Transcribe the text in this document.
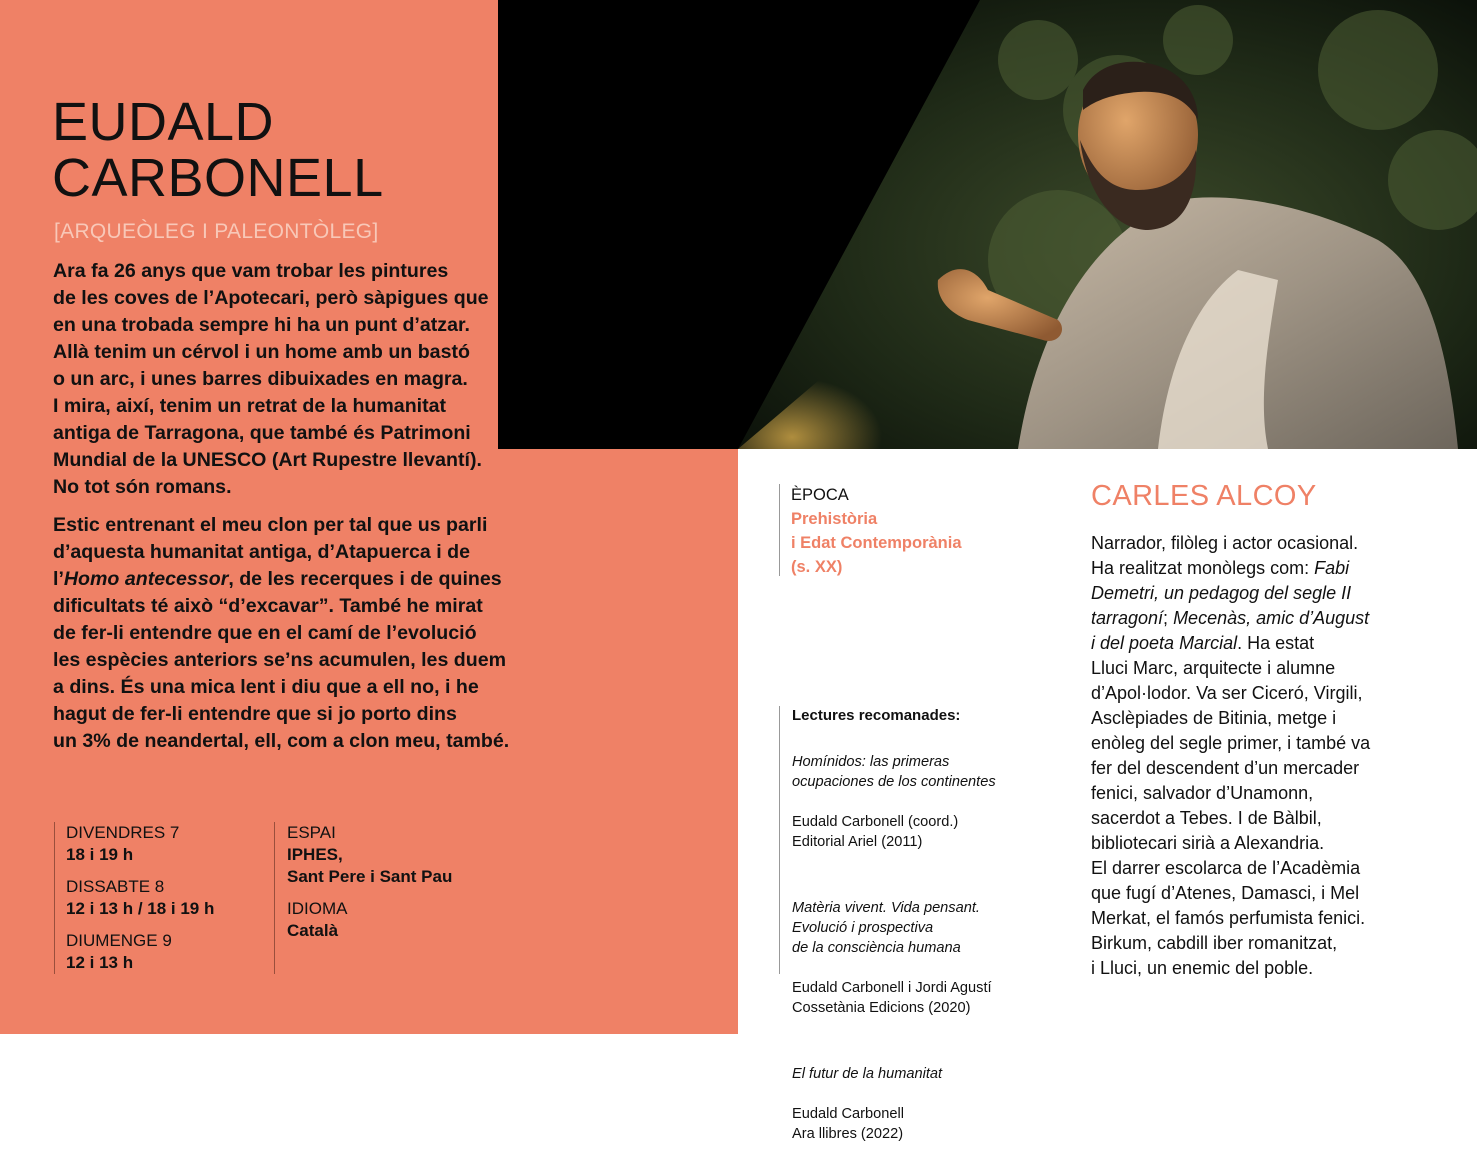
EUDALD
CARBONELL
[ARQUEÒLEG I PALEONTÒLEG]

Ara fa 26 anys que vam trobar les pintures
de les coves de l’Apotecari, però sàpigues que
en una trobada sempre hi ha un punt d’atzar.
Allà tenim un cérvol i un home amb un bastó
o un arc, i unes barres dibuixades en magra.
I mira, així, tenim un retrat de la humanitat
antiga de Tarragona, que també és Patrimoni
Mundial de la UNESCO (Art Rupestre llevantí).
No tot són romans.

Estic entrenant el meu clon per tal que us parli
d’aquesta humanitat antiga, d’Atapuerca i de
l’Homo antecessor, de les recerques i de quines
dificultats té això “d’excavar”. També he mirat
de fer-li entendre que en el camí de l’evolució
les espècies anteriors se’ns acumulen, les duem
a dins. És una mica lent i diu que a ell no, i he
hagut de fer-li entendre que si jo porto dins
un 3% de neandertal, ell, com a clon meu, també.

DIVENDRES 7
18 i 19 h
DISSABTE 8
12 i 13 h / 18 i 19 h
DIUMENGE 9
12 i 13 h
ESPAI
IPHES,
Sant Pere i Sant Pau
IDIOMA
Català
ÈPOCA
Prehistòria
i Edat Contemporània
(s. XX)
Lectures recomanades:

Homínidos: las primeras
ocupaciones de los continentes

Eudald Carbonell (coord.)
Editorial Ariel (2011)

Matèria vivent. Vida pensant.
Evolució i prospectiva
de la consciència humana

Eudald Carbonell i Jordi Agustí
Cossetània Edicions (2020)

El futur de la humanitat

Eudald Carbonell
Ara llibres (2022)

CARLES ALCOY
Narrador, filòleg i actor ocasional.
Ha realitzat monòlegs com: Fabi
Demetri, un pedagog del segle II
tarragoní; Mecenàs, amic d’August
i del poeta Marcial. Ha estat
Lluci Marc, arquitecte i alumne
d’Apol·lodor. Va ser Ciceró, Virgili,
Asclèpiades de Bitinia, metge i
enòleg del segle primer, i també va
fer del descendent d’un mercader
fenici, salvador d’Unamonn,
sacerdot a Tebes. I de Bàlbil,
bibliotecari sirià a Alexandria.
El darrer escolarca de l’Acadèmia
que fugí d’Atenes, Damasci, i Mel
Merkat, el famós perfumista fenici.
Birkum, cabdill iber romanitzat,
i Lluci, un enemic del poble.
